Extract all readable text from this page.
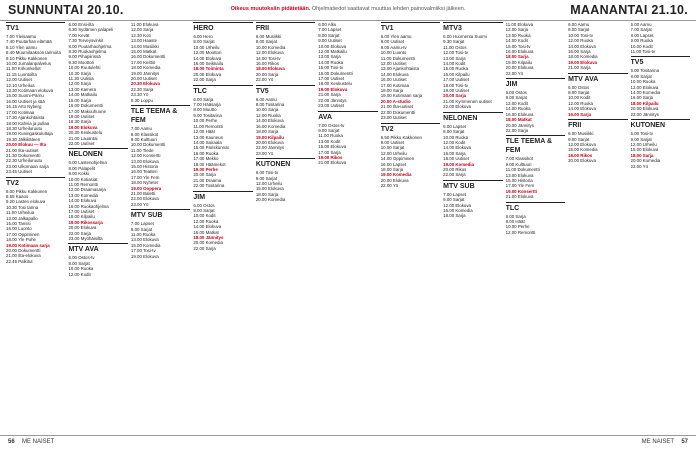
SUNNUNTAI 20.10.	Oikeus muutoksiin pidätetään. Ohjelmatiedot saattavat muuttua lehden painovalmiiksi jälkeen.	MAANANTAI 21.10.
TV1
7.00 Yleisaamu
7.40 Puutarhan elämää
8.10 Ylen aamu
8.40 Muumilaakson tarinoita
9.10 Pikku Kakkonen
10.00 Jumalanpalvelus
11.00 Kirkonkellot
11.15 Luontoilta
12.00 Uutiset
12.10 Urheilua
13.30 Kotimaan elokuva
15.00 Suomi-Pärnu
16.00 Uutiset ja sää
16.15 Arto Nyberg
17.00 Kotimaa
17.30 Ajankohtaista
18.00 Kahvia ja pullaa
18.30 Urheiluruutu
19.00 Kuningaskuluttaja
19.30 Jälkikäteen
20.00 Elokuu — Ilta
21.00 Ilta-uutiset
21.30 Dokumentti
22.30 Urheiluruutu
23.00 Ulkomaan sarja
23.45 Uutiset
TV2
8.00 Pikku Kakkonen
8.55 Kaaos
9.20 Lasten elokuva
10.30 Tosi tarina
11.00 Urheilua
13.00 Jalkapallo
15.00 Tanssi
16.00 Luonto
17.00 Oppiminen
18.00 Yle Puhe
19.00 Kotimaan sarja
20.00 Dokumentti
21.00 Ilta-elokuva
22.45 Palkitut
6.00 Ensi-ilta
6.30 Sydämen palapeli
7.00 Kevät
7.30 Terveysvinkit
8.00 Puutarhaohjelma
8.30 Ruokaohjelma
9.00 Pihapiirissä
9.30 Moottori
10.00 Ruutulehti
10.30 Sarja
11.30 Uutisia
12.00 Sarja
13.00 Kamera
14.00 Matkailu
15.00 Sarja
16.00 Dokumentti
17.00 Makuuhuone
18.00 Uutiset
18.30 Sarja
19.00 Elokuva
20.30 Keskustelu
21.00 Lauantai
22.00 Uutiset
NELONEN
6.00 Lastenohjelma
8.00 Palapelit
9.00 Kokki
10.00 Kotiasiat
11.00 Remontti
12.00 Draamasarja
13.00 Komedia
14.00 Elokuva
16.00 Ruokaohjelma
17.00 Uutiset
18.00 Kilpailu
19.00 Rikossarja
20.00 Elokuva
22.00 Sarja
23.00 Myöhäisilta
MTV AVA
6.00 Ostos-tv
8.00 Sarjat
10.00 Ruoka
12.00 Kodit
11.00 Elokuva
12.00 Sarja
12.30 Koti
13.00 Haaste
14.00 Musiikki
15.00 Matkat
16.00 Dokumentti
17.00 Keittiö
18.00 Komedia
19.00 Jännitys
20.00 Uutiset
20.30 Elokuva
22.30 Sarja
23.30 Yö
0.30 Loppu
TLE TEEMA & FEM
7.00 Aamu
8.00 Klassikot
9.00 Kulttuuri
10.00 Dokumentti
11.00 Tiede
12.00 Konsertti
13.00 Elokuva
15.00 Historia
16.00 Teatteri
17.00 Yle Fem
18.00 Nyheter
19.00 Ooppera
21.00 Baletti
22.00 Elokuva
23.00 Yö
MTV SUB
7.00 Lapset
9.00 Sarjat
11.00 Ruoka
13.00 Elokuva
15.00 Komedia
17.00 Tosi-tv
19.00 Elokuva
HERO
6.00 Hero
8.00 Sarjat
10.00 Urheilu
12.00 Moottori
14.00 Elokuva
16.00 Seikkailu
18.00 Toiminta
20.00 Elokuva
22.00 Sarja
TLC
6.00 Sarja
7.00 Hääsarja
8.00 Muutto
9.00 Tositarina
10.00 Perhe
11.00 Remontti
12.00 Häät
13.00 Kauneus
14.00 Sairaala
15.00 Pariskunnat
16.00 Ruoka
17.00 Mekko
18.00 Häämekot
19.00 Perhe
20.00 Sarja
21.00 Draama
22.00 Tositarina
JIM
6.00 Ostos
8.00 Sarjat
10.00 Kodit
12.00 Ruoka
14.00 Elokuva
16.00 Matkat
18.00 Jännitys
20.00 Komedia
22.00 Sarja
FRII
6.00 Musiikki
8.00 Sarjat
10.00 Komedia
12.00 Elokuva
14.00 Tosi-tv
16.00 Rikos
18.00 Elokuva
20.00 Sarja
22.00 Yö
TV5
6.00 Aamu
8.00 Tositarina
10.00 Sarja
12.00 Ruoka
14.00 Elokuva
16.00 Komedia
18.00 Sarja
19.00 Kilpailu
20.00 Elokuva
22.00 Jännitys
23.00 Yö
KUTONEN
6.00 Tosi-tv
9.00 Sarjat
12.00 Urheilu
15.00 Elokuva
18.00 Sarja
20.00 Komedia
6.00 Alku
7.00 Lapset
8.00 Sarjat
9.00 Uutiset
10.00 Elokuva
12.00 Matkailu
13.00 Sarja
14.00 Ruoka
15.00 Tosi-tv
16.00 Dokumentti
17.00 Uutiset
18.00 Keskustelu
19.00 Elokuva
21.00 Sarja
22.00 Jännitys
23.00 Uutiset
AVA
7.00 Ostos-tv
9.00 Sarjat
11.00 Ruoka
13.00 Kodit
15.00 Elokuva
17.00 Sarja
19.00 Rikos
21.00 Elokuva
TV1
6.00 Ylen aamu
9.00 Uutiset
9.05 Aamu-tv
10.00 Luonto
11.00 Dokumentti
12.00 Uutiset
13.00 Ajankohtaista
14.00 Elokuva
16.00 Uutiset
17.00 Kotimaa
18.00 Sarja
19.00 Kotimaan sarja
20.00 A-studio
21.00 Ilta-uutiset
22.00 Dokumentti
23.00 Uutiset
TV2
6.50 Pikku Kakkonen
9.00 Uutiset
10.00 Sarjat
12.00 Urheilu
14.00 Oppiminen
16.00 Lapset
18.00 Sarja
19.00 Komedia
20.00 Elokuva
22.00 Yö
MTV3
6.00 Huomenta Suomi
9.30 Sarjat
11.00 Ostos
12.00 Tosi-tv
13.00 Sarja
14.00 Kodit
15.00 Ruoka
16.00 Kilpailu
17.00 Uutiset
18.00 Tosi-tv
19.00 Uutiset
20.00 Sarja
21.00 Kymmenen uutiset
22.00 Elokuva
NELONEN
6.00 Lapset
8.00 Sarjat
10.00 Ruoka
12.00 Kodit
14.00 Elokuva
16.00 Sarja
18.00 Uutiset
19.00 Komedia
20.00 Rikos
22.00 Sarja
MTV SUB
7.00 Lapset
9.00 Sarjat
12.00 Elokuva
15.00 Komedia
18.00 Sarja
11.00 Elokuva
12.00 Sarja
13.00 Ruoka
14.00 Kodit
15.00 Tosi-tv
16.00 Elokuva
18.00 Sarja
19.00 Kilpailu
20.00 Elokuva
22.00 Yö
JIM
6.00 Ostos
9.00 Sarjat
12.00 Kodit
14.00 Ruoka
16.00 Elokuva
18.00 Matkat
20.00 Jännitys
22.00 Sarja
TLE TEEMA & FEM
7.00 Klassikot
9.00 Kulttuuri
11.00 Dokumentti
13.00 Elokuva
15.00 Historia
17.00 Yle Fem
19.00 Konsertti
21.00 Elokuva
TLC
6.00 Sarja
8.00 Häät
10.00 Perhe
12.00 Remontti
6.00 Aamu
8.00 Sarjat
10.00 Tosi-tv
12.00 Ruoka
14.00 Elokuva
16.00 Sarja
18.00 Komedia
19.00 Elokuva
21.00 Sarja
MTV AVA
6.00 Ostos
8.00 Sarjat
10.00 Kodit
12.00 Ruoka
14.00 Elokuva
16.00 Sarja
FRII
6.00 Musiikki
9.00 Sarjat
12.00 Elokuva
15.00 Komedia
18.00 Rikos
20.00 Elokuva
6.00 Aamu
7.00 Sarjat
8.00 Lapset
9.00 Ruoka
10.00 Kodit
11.00 Tosi-tv
TV5
6.00 Tositarina
8.00 Sarjat
10.00 Ruoka
12.00 Elokuva
14.00 Komedia
16.00 Sarja
18.00 Kilpailu
20.00 Elokuva
22.00 Jännitys
KUTONEN
6.00 Tosi-tv
9.00 Sarjat
12.00 Urheilu
15.00 Elokuva
18.00 Sarja
20.00 Komedia
22.00 Yö
56 ME NAISET	ME NAISET 57
